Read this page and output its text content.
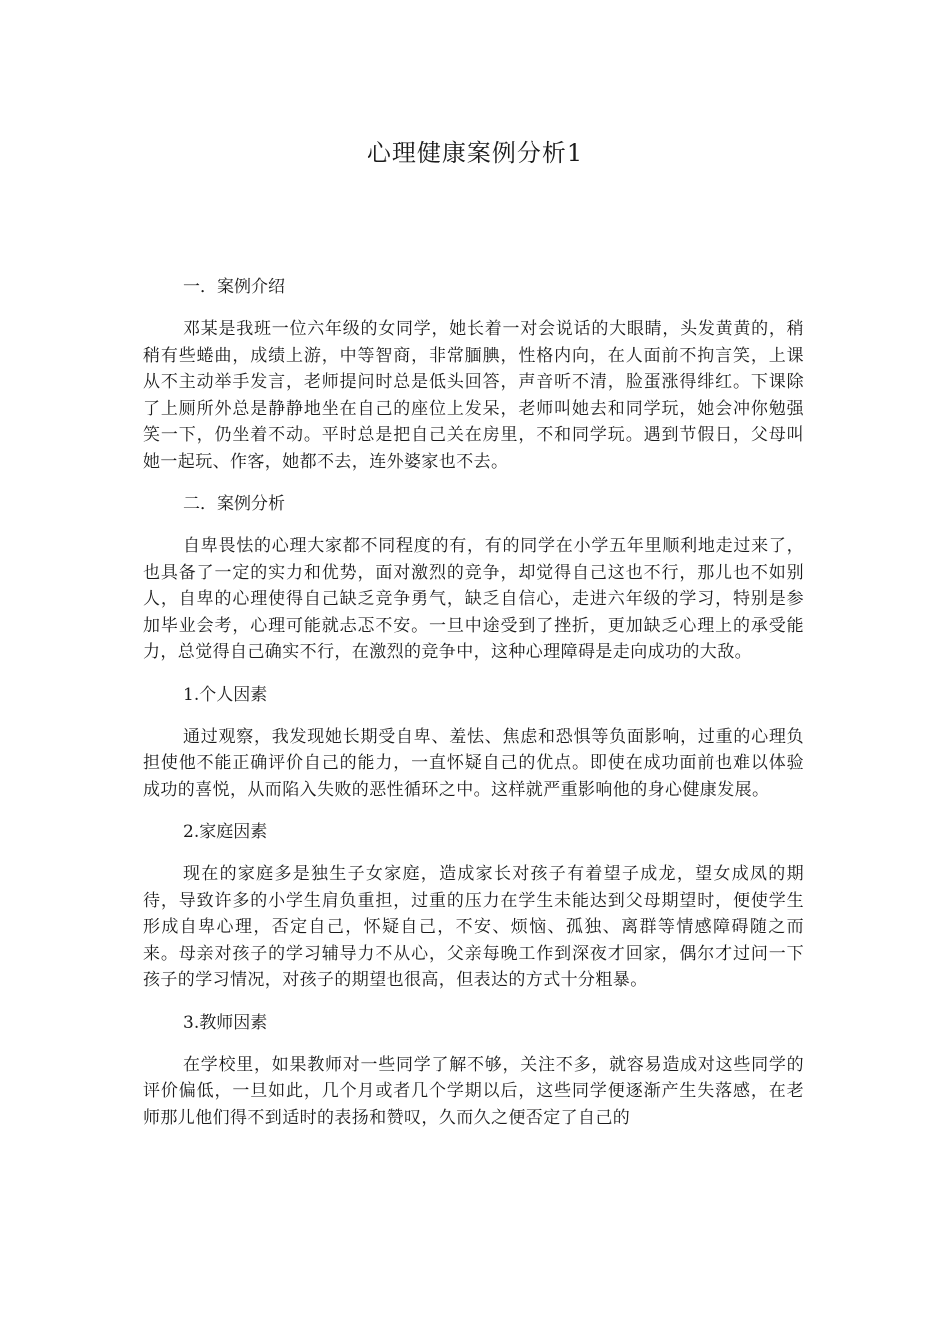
心理健康案例分析1

一．案例介绍

邓某是我班一位六年级的女同学，她长着一对会说话的大眼睛，头发黄黄的，稍稍有些蜷曲，成绩上游，中等智商，非常腼腆，性格内向，在人面前不拘言笑，上课从不主动举手发言，老师提问时总是低头回答，声音听不清，脸蛋涨得绯红。下课除了上厕所外总是静静地坐在自己的座位上发呆，老师叫她去和同学玩，她会冲你勉强笑一下，仍坐着不动。平时总是把自己关在房里，不和同学玩。遇到节假日，父母叫她一起玩、作客，她都不去，连外婆家也不去。

二．案例分析

自卑畏怯的心理大家都不同程度的有，有的同学在小学五年里顺利地走过来了，也具备了一定的实力和优势，面对激烈的竞争，却觉得自己这也不行，那儿也不如别人，自卑的心理使得自己缺乏竞争勇气，缺乏自信心，走进六年级的学习，特别是参加毕业会考，心理可能就忐忑不安。一旦中途受到了挫折，更加缺乏心理上的承受能力，总觉得自己确实不行，在激烈的竞争中，这种心理障碍是走向成功的大敌。

1.个人因素

通过观察，我发现她长期受自卑、羞怯、焦虑和恐惧等负面影响，过重的心理负担使他不能正确评价自己的能力，一直怀疑自己的优点。即使在成功面前也难以体验成功的喜悦，从而陷入失败的恶性循环之中。这样就严重影响他的身心健康发展。

2.家庭因素

现在的家庭多是独生子女家庭，造成家长对孩子有着望子成龙，望女成凤的期待，导致许多的小学生肩负重担，过重的压力在学生未能达到父母期望时，便使学生形成自卑心理，否定自己，怀疑自己，不安、烦恼、孤独、离群等情感障碍随之而来。母亲对孩子的学习辅导力不从心，父亲每晚工作到深夜才回家，偶尔才过问一下孩子的学习情况，对孩子的期望也很高，但表达的方式十分粗暴。

3.教师因素

在学校里，如果教师对一些同学了解不够，关注不多，就容易造成对这些同学的评价偏低，一旦如此，几个月或者几个学期以后，这些同学便逐渐产生失落感，在老师那儿他们得不到适时的表扬和赞叹，久而久之便否定了自己的
